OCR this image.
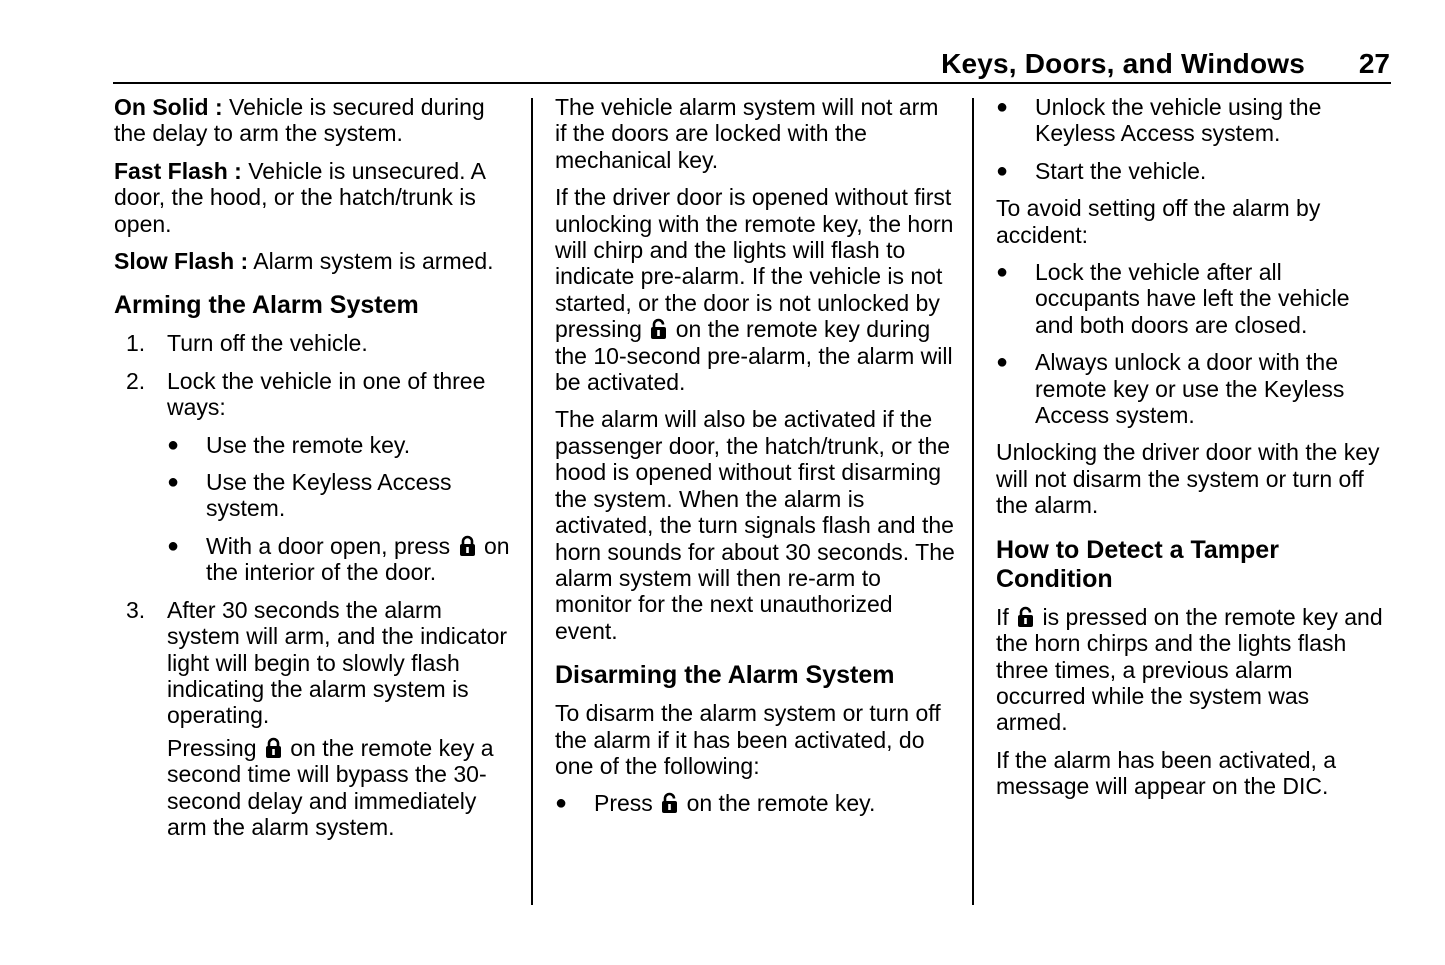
Keys, Doors, and Windows 27

On Solid : Vehicle is secured during the delay to arm the system.

Fast Flash : Vehicle is unsecured. A door, the hood, or the hatch/trunk is open.

Slow Flash : Alarm system is armed.

Arming the Alarm System
1. Turn off the vehicle.
2. Lock the vehicle in one of three ways:
● Use the remote key.
● Use the Keyless Access system.
● With a door open, press  on the interior of the door.
3. After 30 seconds the alarm system will arm, and the indicator light will begin to slowly flash indicating the alarm system is operating.
Pressing  on the remote key a second time will bypass the 30-second delay and immediately arm the alarm system.

The vehicle alarm system will not arm if the doors are locked with the mechanical key.

If the driver door is opened without first unlocking with the remote key, the horn will chirp and the lights will flash to indicate pre-alarm. If the vehicle is not started, or the door is not unlocked by pressing  on the remote key during the 10-second pre-alarm, the alarm will be activated.

The alarm will also be activated if the passenger door, the hatch/trunk, or the hood is opened without first disarming the system. When the alarm is activated, the turn signals flash and the horn sounds for about 30 seconds. The alarm system will then re-arm to monitor for the next unauthorized event.

Disarming the Alarm System

To disarm the alarm system or turn off the alarm if it has been activated, do one of the following:

● Press  on the remote key.
● Unlock the vehicle using the Keyless Access system.
● Start the vehicle.

To avoid setting off the alarm by accident:

● Lock the vehicle after all occupants have left the vehicle and both doors are closed.
● Always unlock a door with the remote key or use the Keyless Access system.

Unlocking the driver door with the key will not disarm the system or turn off the alarm.

How to Detect a Tamper Condition

If  is pressed on the remote key and the horn chirps and the lights flash three times, a previous alarm occurred while the system was armed.

If the alarm has been activated, a message will appear on the DIC.
